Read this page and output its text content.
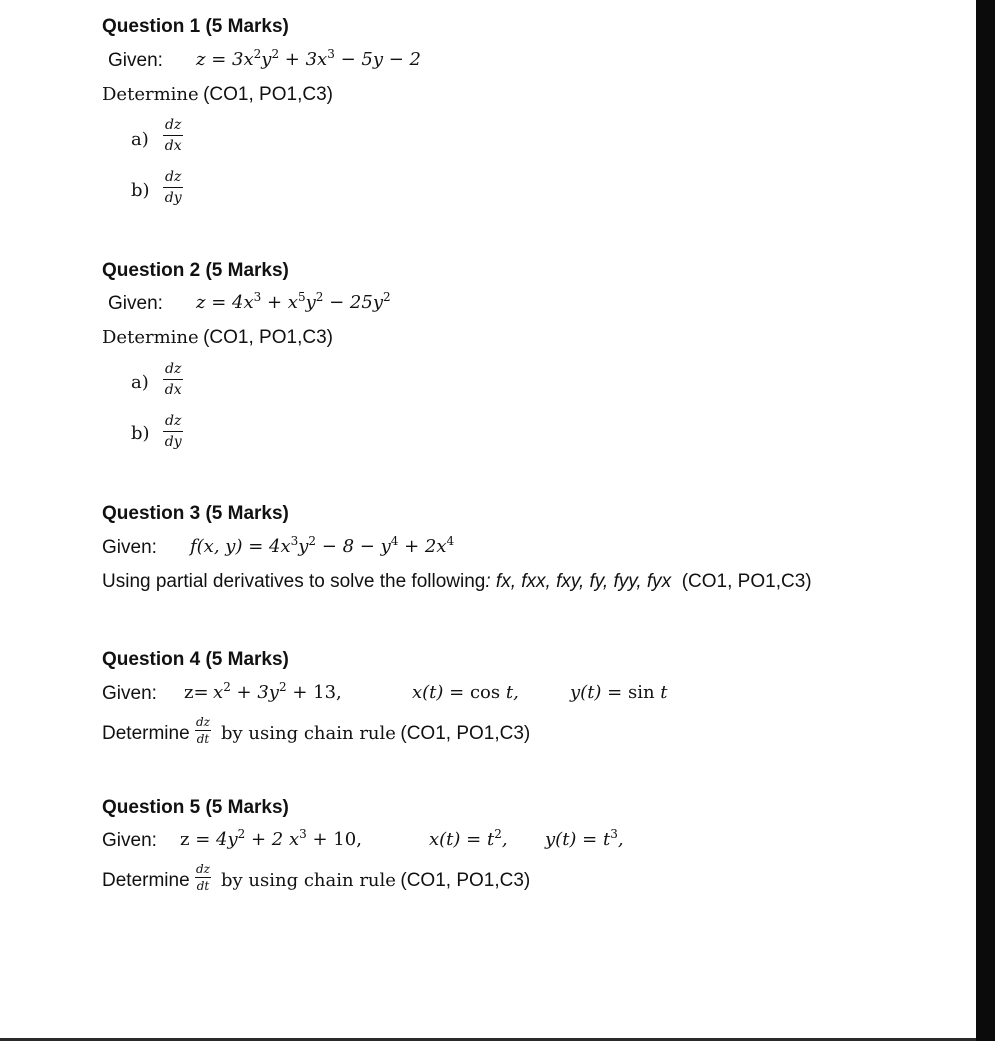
Question 1 (5 Marks)
Given: $z = 3x^2y^2 + 3x^3 - 5y - 2$
Determine (CO1, PO1,C3)
$a) \frac{dz}{dx}$
$b) \frac{dz}{dy}$
Question 2 (5 Marks)
Given: $z = 4x^3 + x^5y^2 - 25y^2$
Determine (CO1, PO1,C3)
$a) \frac{dz}{dx}$
$b) \frac{dz}{dy}$
Question 3 (5 Marks)
Given: f(x, $y) = 4x^3y^2 - 8 - y^4 + 2x^4$
Using partial derivatives to solve the following: fx, fxx, fxy, fy, fyy, fyx (CO1, PO1,C3)
Question 4 (5 Marks)
Given: $z= x^2 + 3y^2 + 13$,	x(t) = cos t,	y(t) = sin t
Determine $\frac{dz}{dt}$ by using chain rule (CO1, PO1,C3)
Question 5 (5 Marks)
Given: $z = 4y^2 + 2$ $x^3 + 10$,	$x(t) = t^2$, $y(t) = t^3$,
Determine $\frac{dz}{dt}$ by using chain rule (CO1, PO1,C3)
